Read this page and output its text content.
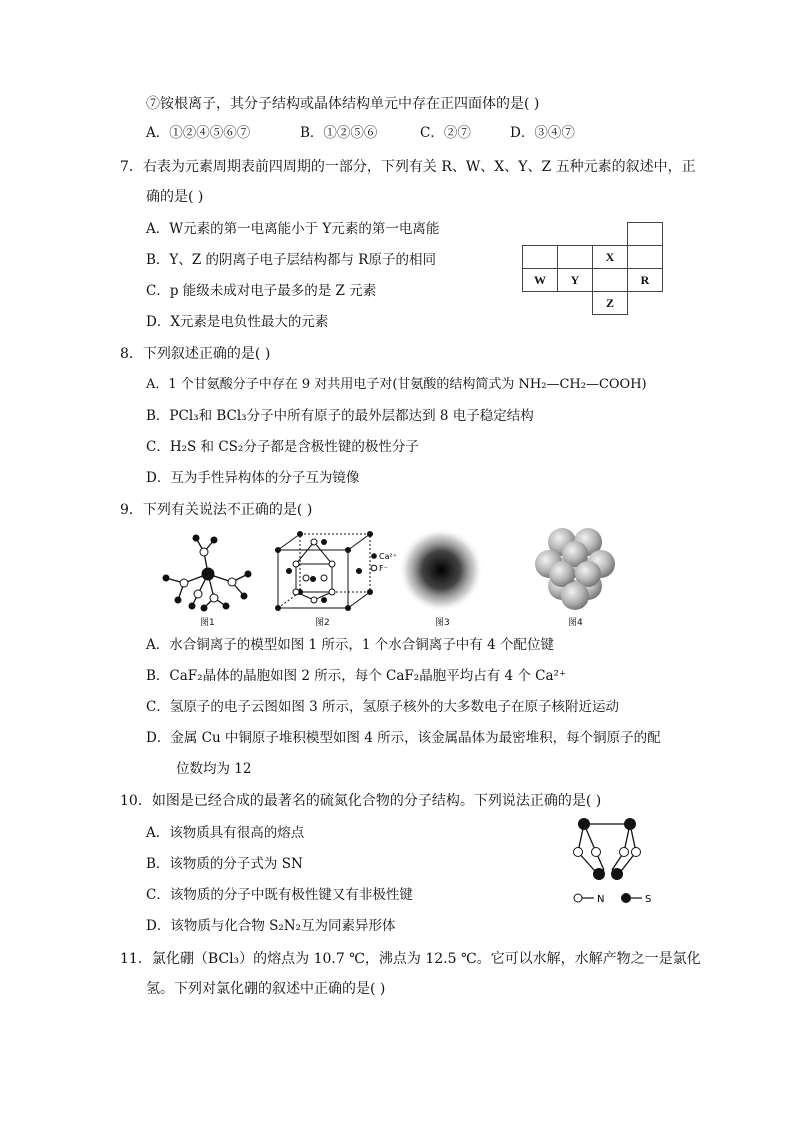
⑦铵根离子，其分子结构或晶体结构单元中存在正四面体的是( )
A．①②④⑤⑥⑦	B．①②⑤⑥	C．②⑦	D．③④⑦
7．右表为元素周期表前四周期的一部分，下列有关 R、W、X、Y、Z 五种元素的叙述中，正
确的是( )
A．W元素的第一电离能小于 Y元素的第一电离能
B．Y、Z 的阴离子电子层结构都与 R原子的相同
C．p 能级未成对电子最多的是 Z 元素
D．X元素是电负性最大的元素

		X	
W	Y		R
		Z	
8．下列叙述正确的是( )
A．1 个甘氨酸分子中存在 9 对共用电子对(甘氨酸的结构简式为 NH₂—CH₂—COOH)
B．PCl₃和 BCl₃分子中所有原子的最外层都达到 8 电子稳定结构
C．H₂S 和 CS₂分子都是含极性键的极性分子
D．互为手性异构体的分子互为镜像
9．下列有关说法不正确的是( )
图1
Ca²⁺
F⁻
图2	图3	图4
A．水合铜离子的模型如图 1 所示，1 个水合铜离子中有 4 个配位键
B．CaF₂晶体的晶胞如图 2 所示，每个 CaF₂晶胞平均占有 4 个 Ca²⁺
C．氢原子的电子云图如图 3 所示，氢原子核外的大多数电子在原子核附近运动
D．金属 Cu 中铜原子堆积模型如图 4 所示，该金属晶体为最密堆积，每个铜原子的配
位数均为 12
10．如图是已经合成的最著名的硫氮化合物的分子结构。下列说法正确的是( )
A．该物质具有很高的熔点
B．该物质的分子式为 SN
C．该物质的分子中既有极性键又有非极性键
D．该物质与化合物 S₂N₂互为同素异形体
N	S
11．氯化硼（BCl₃）的熔点为 10.7 ℃，沸点为 12.5 ℃。它可以水解，水解产物之一是氯化
氢。下列对氯化硼的叙述中正确的是( )
